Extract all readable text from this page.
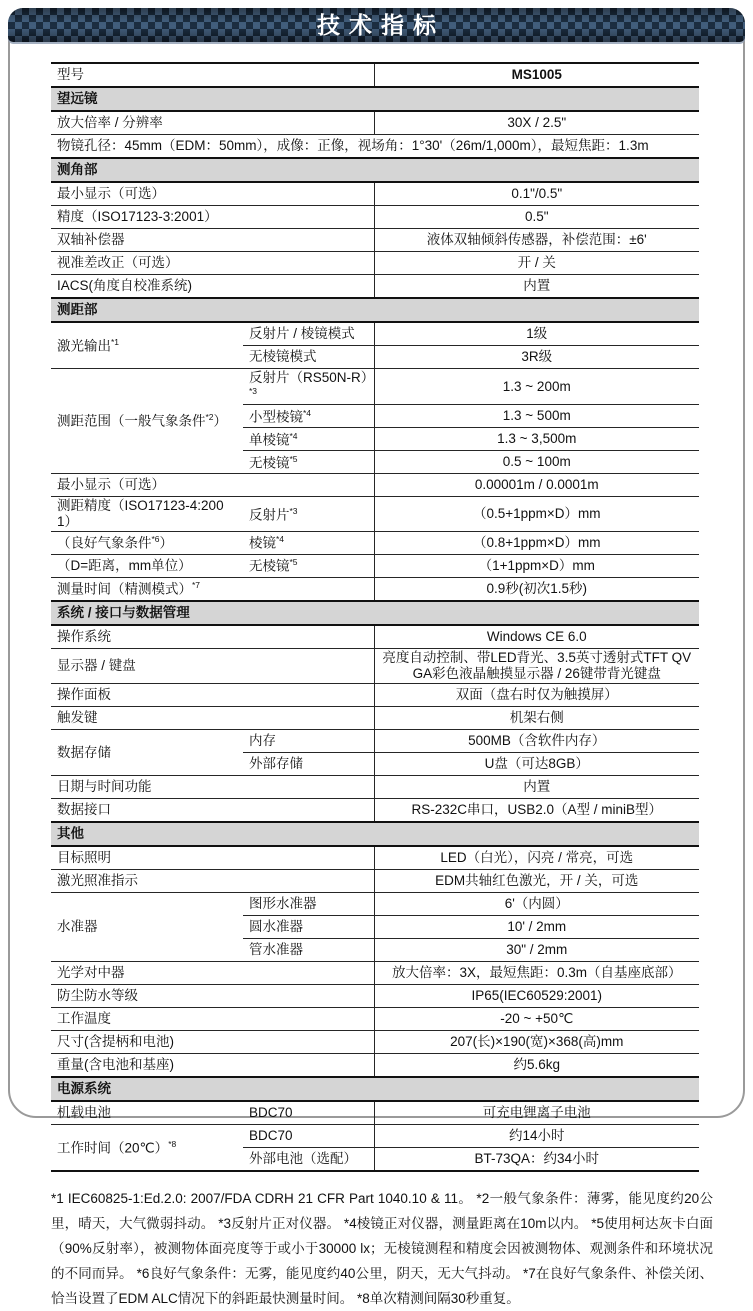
技术指标
型号		MS1005
望远镜		
放大倍率 / 分辨率		30X / 2.5"
物镜孔径：45mm（EDM：50mm），成像：正像，视场角：1°30'（26m/1,000m），最短焦距：1.3m		
测角部		
最小显示（可选）		0.1"/0.5"
精度（ISO17123-3:2001）		0.5"
双轴补偿器		液体双轴倾斜传感器，补偿范围：±6'
视准差改正（可选）		开 / 关
IACS(角度自校准系统)		内置
测距部		
激光输出$^{*1}$	反射片 / 棱镜模式	1级
	无棱镜模式	3R级
测距范围（一般气象条件$^{*2}$）	反射片$(RS50N-R)^{*3}$	1.3 ~ 200m
	小型棱镜$^{*4}$	1.3 ~ 500m
	单棱镜$^{*4}$	1.3 ~ 3,500m
	无棱镜$^{*5}$	0.5 ~ 100m
最小显示（可选）		0.00001m / 0.0001m
测距精度（ISO17123-4:2001）	反射片$^{*3}$	（0.5+1ppm×D）mm
（良好气象条件$^{*6}$）	棱镜$^{*4}$	（0.8+1ppm×D）mm
（D=距离，mm单位）	无棱镜$^{*5}$	（1+1ppm×D）mm
测量时间（精测模式）$^{*7}$		0.9秒(初次1.5秒)
系统 / 接口与数据管理		
操作系统		Windows CE 6.0
显示器 / 键盘		亮度自动控制、带LED背光、3.5英寸透射式TFT QVGA彩色液晶触摸显示器 / 26键带背光键盘
操作面板		双面（盘右时仅为触摸屏）
触发键		机架右侧
数据存储	内存	500MB（含软件内存）
	外部存储	U盘（可达8GB）
日期与时间功能		内置
数据接口		RS-232C串口，USB2.0（A型 / miniB型）
其他		
目标照明		LED（白光），闪亮 / 常亮，可选
激光照准指示		EDM共轴红色激光，开 / 关，可选
水准器	图形水准器	6'（内圆）
	圆水准器	10' / 2mm
	管水准器	30" / 2mm
光学对中器		放大倍率：3X，最短焦距：0.3m（自基座底部）
防尘防水等级		IP65(IEC60529:2001)
工作温度		-20 ~ +50℃
尺寸(含提柄和电池)		207(长)×190(宽)×368(高)mm
重量(含电池和基座)		约5.6kg
电源系统		
机载电池	BDC70	可充电锂离子电池
工作时间（20℃）$^{*8}$	BDC70	约14小时
	外部电池（选配）	BT-73QA：约34小时

*1 IEC60825-1:Ed.2.0: 2007/FDA CDRH 21 CFR Part 1040.10 & 11。 *2一般气象条件：薄雾，能见度约20公里，晴天，大气微弱抖动。 *3反射片正对仪器。 *4棱镜正对仪器，测量距离在10m以内。 *5使用柯达灰卡白面（90%反射率），被测物体面亮度等于或小于30000 lx；无棱镜测程和精度会因被测物体、观测条件和环境状况的不同而异。 *6良好气象条件：无雾，能见度约40公里，阴天，无大气抖动。 *7在良好气象条件、补偿关闭、恰当设置了EDM ALC情况下的斜距最快测量时间。 *8单次精测间隔30秒重复。
